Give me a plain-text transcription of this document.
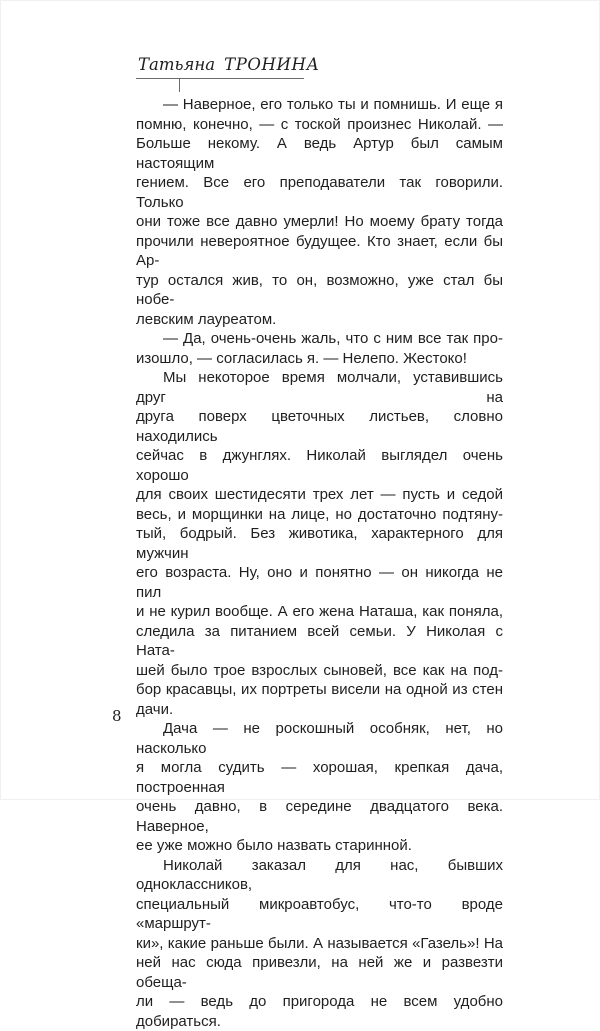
Татьяна ТРОНИНА
— Наверное, его только ты и помнишь. И еще я
помню, конечно, — с тоской произнес Николай. —
Больше некому. А ведь Артур был самым настоящим
гением. Все его преподаватели так говорили. Только
они тоже все давно умерли! Но моему брату тогда
прочили невероятное будущее. Кто знает, если бы Ар-
тур остался жив, то он, возможно, уже стал бы нобе-
левским лауреатом.
— Да, очень-очень жаль, что с ним все так про-
изошло, — согласилась я. — Нелепо. Жестоко!
Мы некоторое время молчали, уставившись друг на
друга поверх цветочных листьев, словно находились
сейчас в джунглях. Николай выглядел очень хорошо
для своих шестидесяти трех лет — пусть и седой
весь, и морщинки на лице, но достаточно подтяну-
тый, бодрый. Без животика, характерного для мужчин
его возраста. Ну, оно и понятно — он никогда не пил
и не курил вообще. А его жена Наташа, как поняла,
следила за питанием всей семьи. У Николая с Ната-
шей было трое взрослых сыновей, все как на под-
бор красавцы, их портреты висели на одной из стен
дачи.
Дача — не роскошный особняк, нет, но насколько
я могла судить — хорошая, крепкая дача, построенная
очень давно, в середине двадцатого века. Наверное,
ее уже можно было назвать старинной.
Николай заказал для нас, бывших одноклассников,
специальный микроавтобус, что-то вроде «маршрут-
ки», какие раньше были. А называется «Газель»! На
ней нас сюда привезли, на ней же и развезти обеща-
ли — ведь до пригорода не всем удобно добираться.
8
